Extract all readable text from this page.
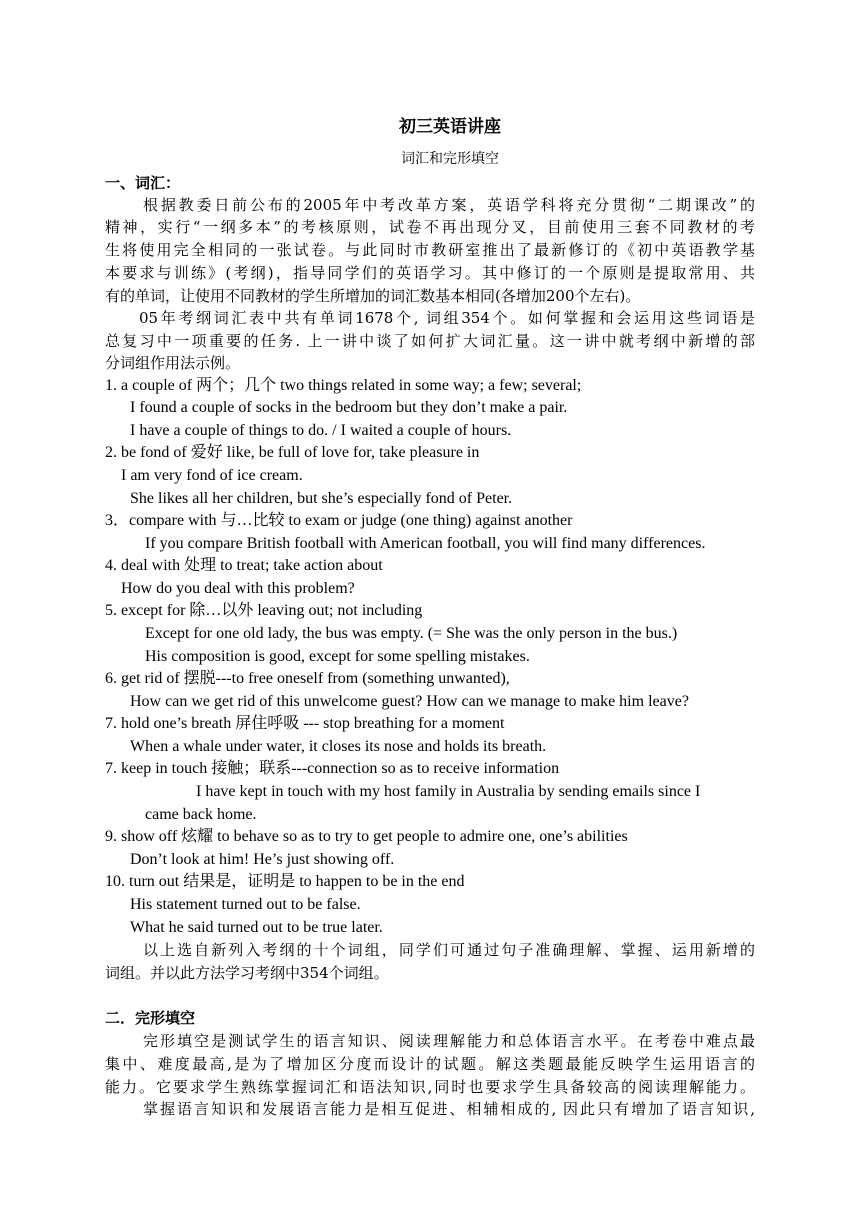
初三英语讲座
词汇和完形填空
一、词汇：
根据教委日前公布的2005年中考改革方案，英语学科将充分贯彻“二期课改”的
精神，实行“一纲多本”的考核原则，试卷不再出现分叉，目前使用三套不同教材的考
生将使用完全相同的一张试卷。与此同时市教研室推出了最新修订的《初中英语教学基
本要求与训练》(考纲)，指导同学们的英语学习。其中修订的一个原则是提取常用、共
有的单词，让使用不同教材的学生所增加的词汇数基本相同(各增加200个左右)。
05年考纲词汇表中共有单词1678个, 词组354个。如何掌握和会运用这些词语是
总复习中一项重要的任务. 上一讲中谈了如何扩大词汇量。这一讲中就考纲中新增的部
分词组作用法示例。
1. a couple of 两个；几个 two things related in some way; a few; several;
I found a couple of socks in the bedroom but they don’t make a pair.
I have a couple of things to do. / I waited a couple of hours.
2. be fond of 爱好 like, be full of love for, take pleasure in
I am very fond of ice cream.
She likes all her children, but she’s especially fond of Peter.
3．compare with 与…比较 to exam or judge (one thing) against another
If you compare British football with American football, you will find many differences.
4. deal with 处理 to treat; take action about
How do you deal with this problem?
5. except for 除…以外 leaving out; not including
Except for one old lady, the bus was empty. (= She was the only person in the bus.)
His composition is good, except for some spelling mistakes.
6. get rid of 摆脱---to free oneself from (something unwanted),
How can we get rid of this unwelcome guest? How can we manage to make him leave?
7. hold one’s breath 屏住呼吸 --- stop breathing for a moment
When a whale under water, it closes its nose and holds its breath.
7. keep in touch 接触；联系---connection so as to receive information
I have kept in touch with my host family in Australia by sending emails since I
came back home.
9. show off 炫耀 to behave so as to try to get people to admire one, one’s abilities
Don’t look at him! He’s just showing off.
10. turn out 结果是，证明是 to happen to be in the end
His statement turned out to be false.
What he said turned out to be true later.
以上选自新列入考纲的十个词组，同学们可通过句子准确理解、掌握、运用新增的
词组。并以此方法学习考纲中354个词组。
二．完形填空
完形填空是测试学生的语言知识、阅读理解能力和总体语言水平。在考卷中难点最
集中、难度最高,是为了增加区分度而设计的试题。解这类题最能反映学生运用语言的
能力。它要求学生熟练掌握词汇和语法知识,同时也要求学生具备较高的阅读理解能力。
掌握语言知识和发展语言能力是相互促进、相辅相成的, 因此只有增加了语言知识,
